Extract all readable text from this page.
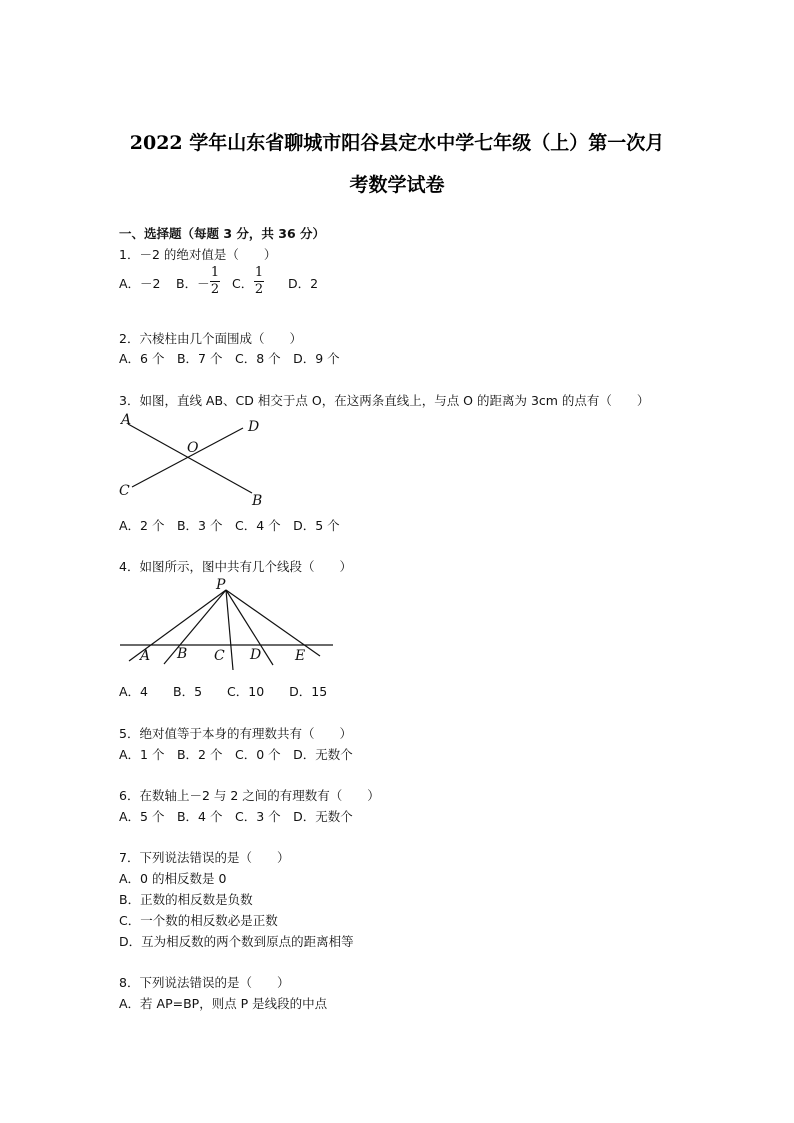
2022 学年山东省聊城市阳谷县定水中学七年级（上）第一次月
考数学试卷
一、选择题（每题 3 分，共 36 分）
1．－2 的绝对值是（　　）
A．－2 B．－
1
2 C．
1
2 D．2
2．六棱柱由几个面围成（　　）
A．6 个　B．7 个　C．8 个　D．9 个
3．如图，直线 AB、CD 相交于点 O，在这两条直线上，与点 O 的距离为 3cm 的点有（　　）
A	D
O
C
B
A．2 个　B．3 个　C．4 个　D．5 个
4．如图所示，图中共有几个线段（　　）
P
A B C D E
A．4　　B．5　　C．10　　D．15
5．绝对值等于本身的有理数共有（　　）
A．1 个　B．2 个　C．0 个　D．无数个
6．在数轴上－2 与 2 之间的有理数有（　　）
A．5 个　B．4 个　C．3 个　D．无数个
7．下列说法错误的是（　　）
A．0 的相反数是 0
B．正数的相反数是负数
C．一个数的相反数必是正数
D．互为相反数的两个数到原点的距离相等
8．下列说法错误的是（　　）
A．若 AP=BP，则点 P 是线段的中点
